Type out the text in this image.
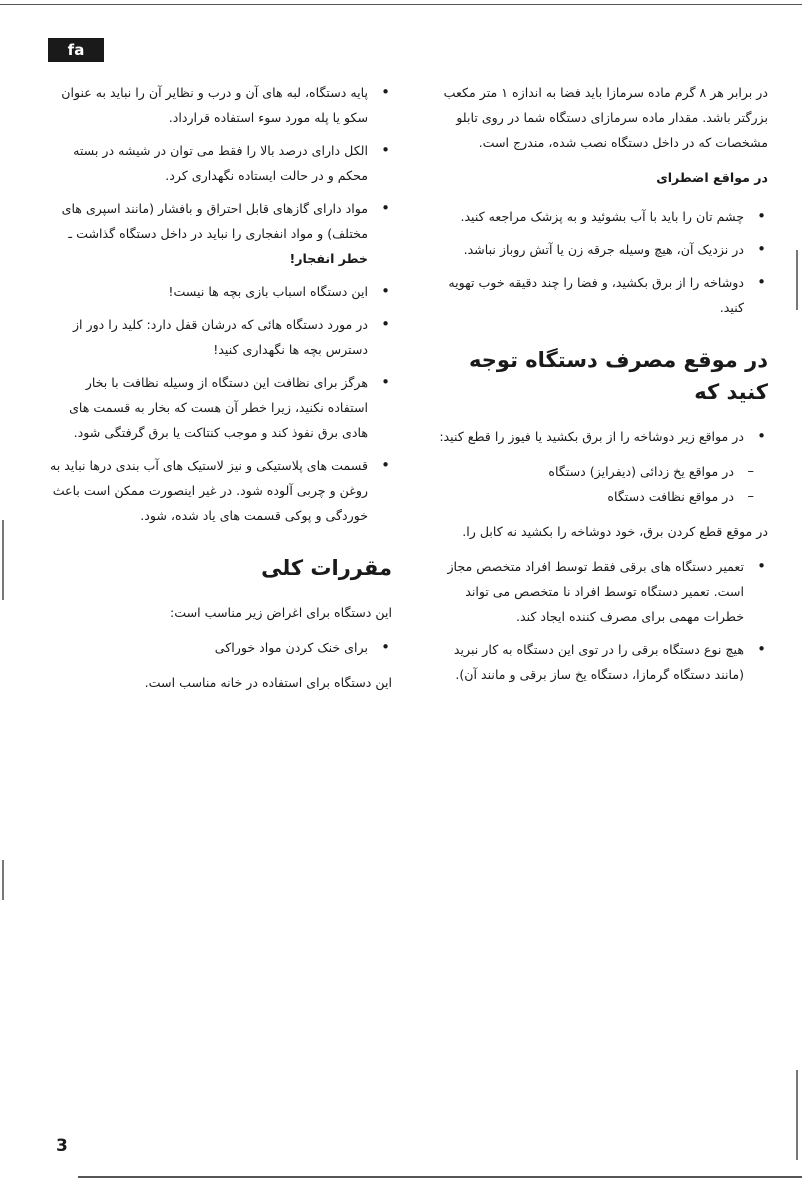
fa

در برابر هر ۸ گرم ماده سرمازا باید فضا به اندازه ۱ متر مکعب بزرگتر باشد. مقدار ماده سرمازای دستگاه شما در روی تابلو مشخصات که در داخل دستگاه نصب شده، مندرج است.

در مواقع اضطرای
• چشم تان را باید با آب بشوئید و به پزشک مراجعه کنید.
• در نزدیک آن، هیچ وسیله جرقه زن یا آتش روباز نباشد.
• دوشاخه را از برق بکشید، و فضا را چند دقیقه خوب تهویه کنید.
در موقع مصرف دستگاه توجه کنید که
• در مواقع زیر دوشاخه را از برق بکشید یا فیوز را قطع کنید:
– در مواقع یخ زدائی (دیفرایز) دستگاه
– در مواقع نظافت دستگاه

در موقع قطع کردن برق، خود دوشاخه را بکشید نه کابل را.

• تعمیر دستگاه های برقی فقط توسط افراد متخصص مجاز است. تعمیر دستگاه توسط افراد نا متخصص می تواند خطرات مهمی برای مصرف کننده ایجاد کند.
• هیچ نوع دستگاه برقی را در توی این دستگاه به کار نبرید (مانند دستگاه گرمازا، دستگاه یخ ساز برقی و مانند آن).
• پایه دستگاه، لبه های آن و درب و نظایر آن را نباید به عنوان سکو یا پله مورد سوء استفاده قرارداد.
• الکل دارای درصد بالا را فقط می توان در شیشه در بسته محکم و در حالت ایستاده نگهداری کرد.
• مواد دارای گازهای قابل احتراق و بافشار (مانند اسپری های مختلف) و مواد انفجاری را نباید در داخل دستگاه گذاشت ـ خطر انفجار!
• این دستگاه اسباب بازی بچه ها نیست!
• در مورد دستگاه هائی که درشان قفل دارد: کلید را دور از دسترس بچه ها نگهداری کنید!
• هرگز برای نظافت این دستگاه از وسیله نظافت با بخار استفاده نکنید، زیرا خطر آن هست که بخار به قسمت های هادی برق نفوذ کند و موجب کنتاکت یا برق گرفتگی شود.
• قسمت های پلاستیکی و نیز لاستیک های آب بندی درها نباید به روغن و چربی آلوده شود. در غیر اینصورت ممکن است باعث خوردگی و پوکی قسمت های یاد شده، شود.
مقررات کلی

این دستگاه برای اغراض زیر مناسب است:

• برای خنک کردن مواد خوراکی

این دستگاه برای استفاده در خانه مناسب است.

3
